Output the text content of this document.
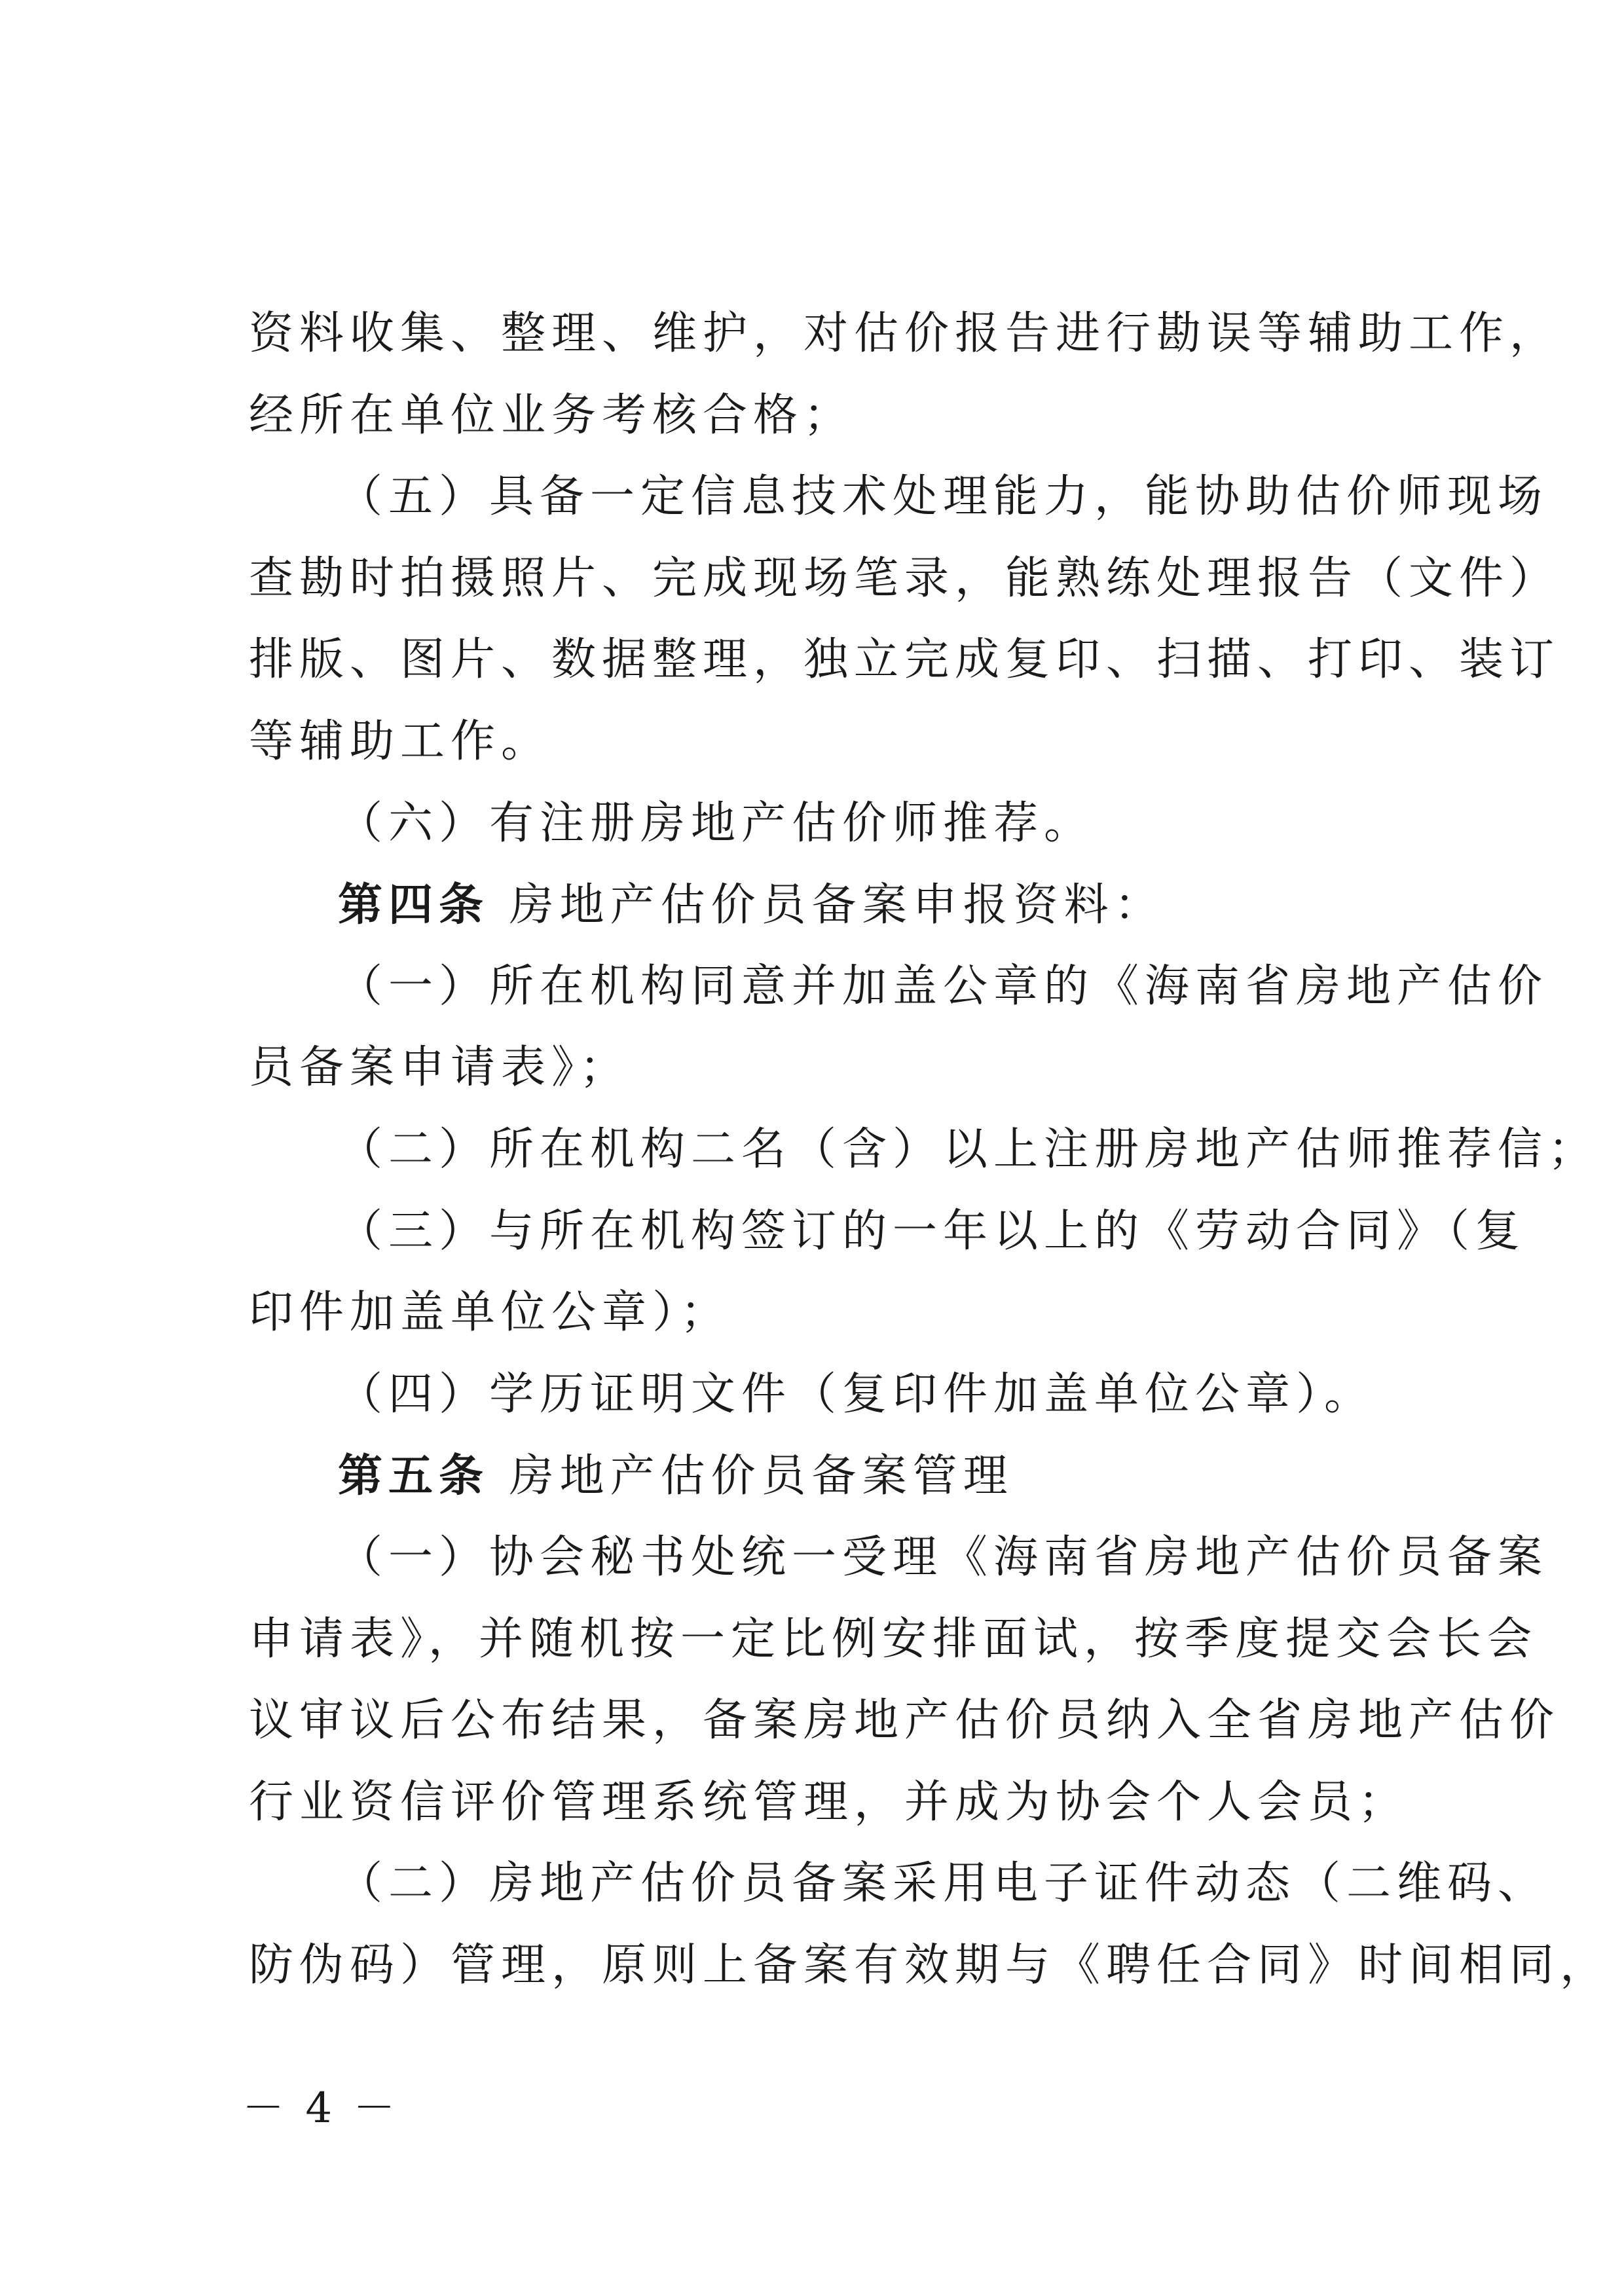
资料收集、整理、维护，对估价报告进行勘误等辅助工作，
经所在单位业务考核合格；
（五）具备一定信息技术处理能力，能协助估价师现场
查勘时拍摄照片、完成现场笔录，能熟练处理报告（文件）
排版、图片、数据整理，独立完成复印、扫描、打印、装订
等辅助工作。
（六）有注册房地产估价师推荐。
第四条 房地产估价员备案申报资料：
（一）所在机构同意并加盖公章的《海南省房地产估价
员备案申请表》；
（二）所在机构二名（含）以上注册房地产估师推荐信；
（三）与所在机构签订的一年以上的《劳动合同》（复
印件加盖单位公章）；
（四）学历证明文件（复印件加盖单位公章）。
第五条 房地产估价员备案管理
（一）协会秘书处统一受理《海南省房地产估价员备案
申请表》，并随机按一定比例安排面试，按季度提交会长会
议审议后公布结果，备案房地产估价员纳入全省房地产估价
行业资信评价管理系统管理，并成为协会个人会员；
（二）房地产估价员备案采用电子证件动态（二维码、
防伪码）管理，原则上备案有效期与《聘任合同》时间相同，
－ 4 －
